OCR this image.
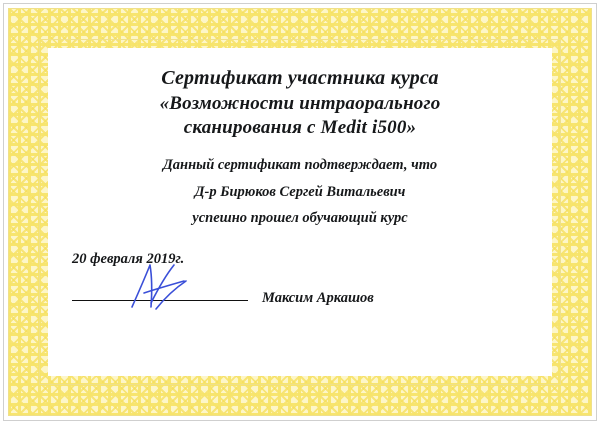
Сертификат участника курса
«Возможности интраорального
сканирования с Medit i500»
Данный сертификат подтверждает, что
Д-р Бирюков Сергей Витальевич
успешно прошел обучающий курс
20 февраля 2019г.
Максим Аркашов
